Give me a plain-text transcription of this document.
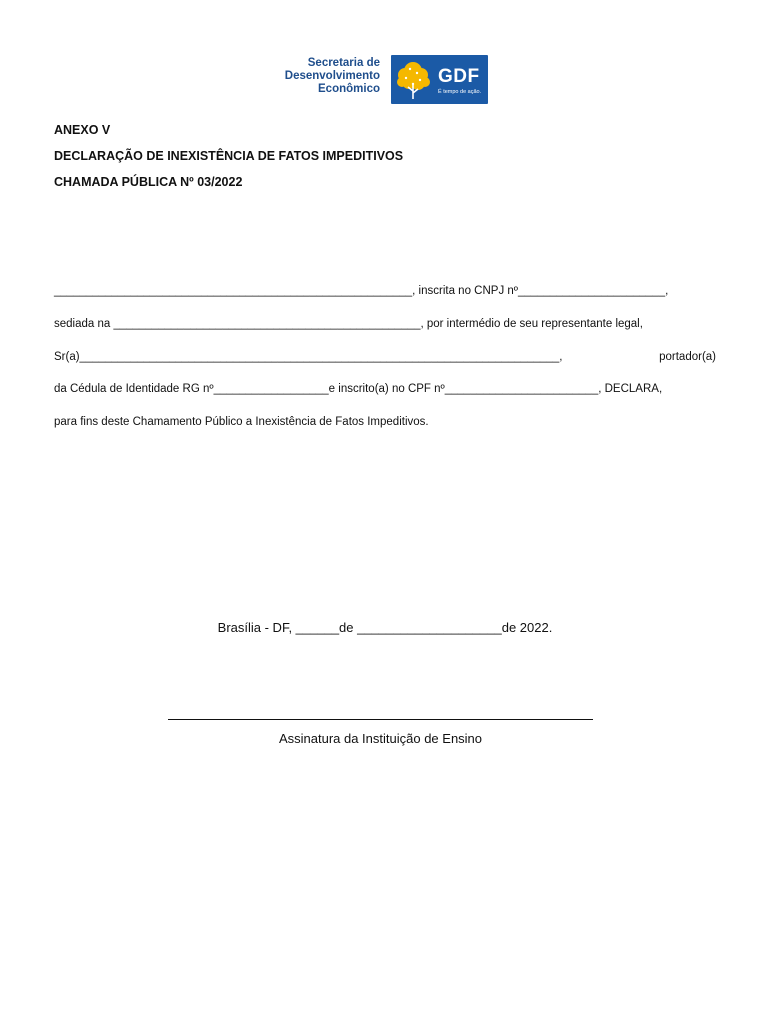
Secretaria de
Desenvolvimento
Econômico
GDF
É tempo de ação.
ANEXO V
DECLARAÇÃO DE INEXISTÊNCIA DE FATOS IMPEDITIVOS
CHAMADA PÚBLICA Nº 03/2022
________________________________________________________, inscrita no CNPJ nº_______________________,
sediada na ________________________________________________, por intermédio de seu representante legal,
Sr(a)___________________________________________________________________________,	portador(a)
da Cédula de Identidade RG nº__________________e inscrito(a) no CPF nº________________________, DECLARA,
para fins deste Chamamento Público a Inexistência de Fatos Impeditivos.
Brasília - DF, ______de ____________________de 2022.
Assinatura da Instituição de Ensino
